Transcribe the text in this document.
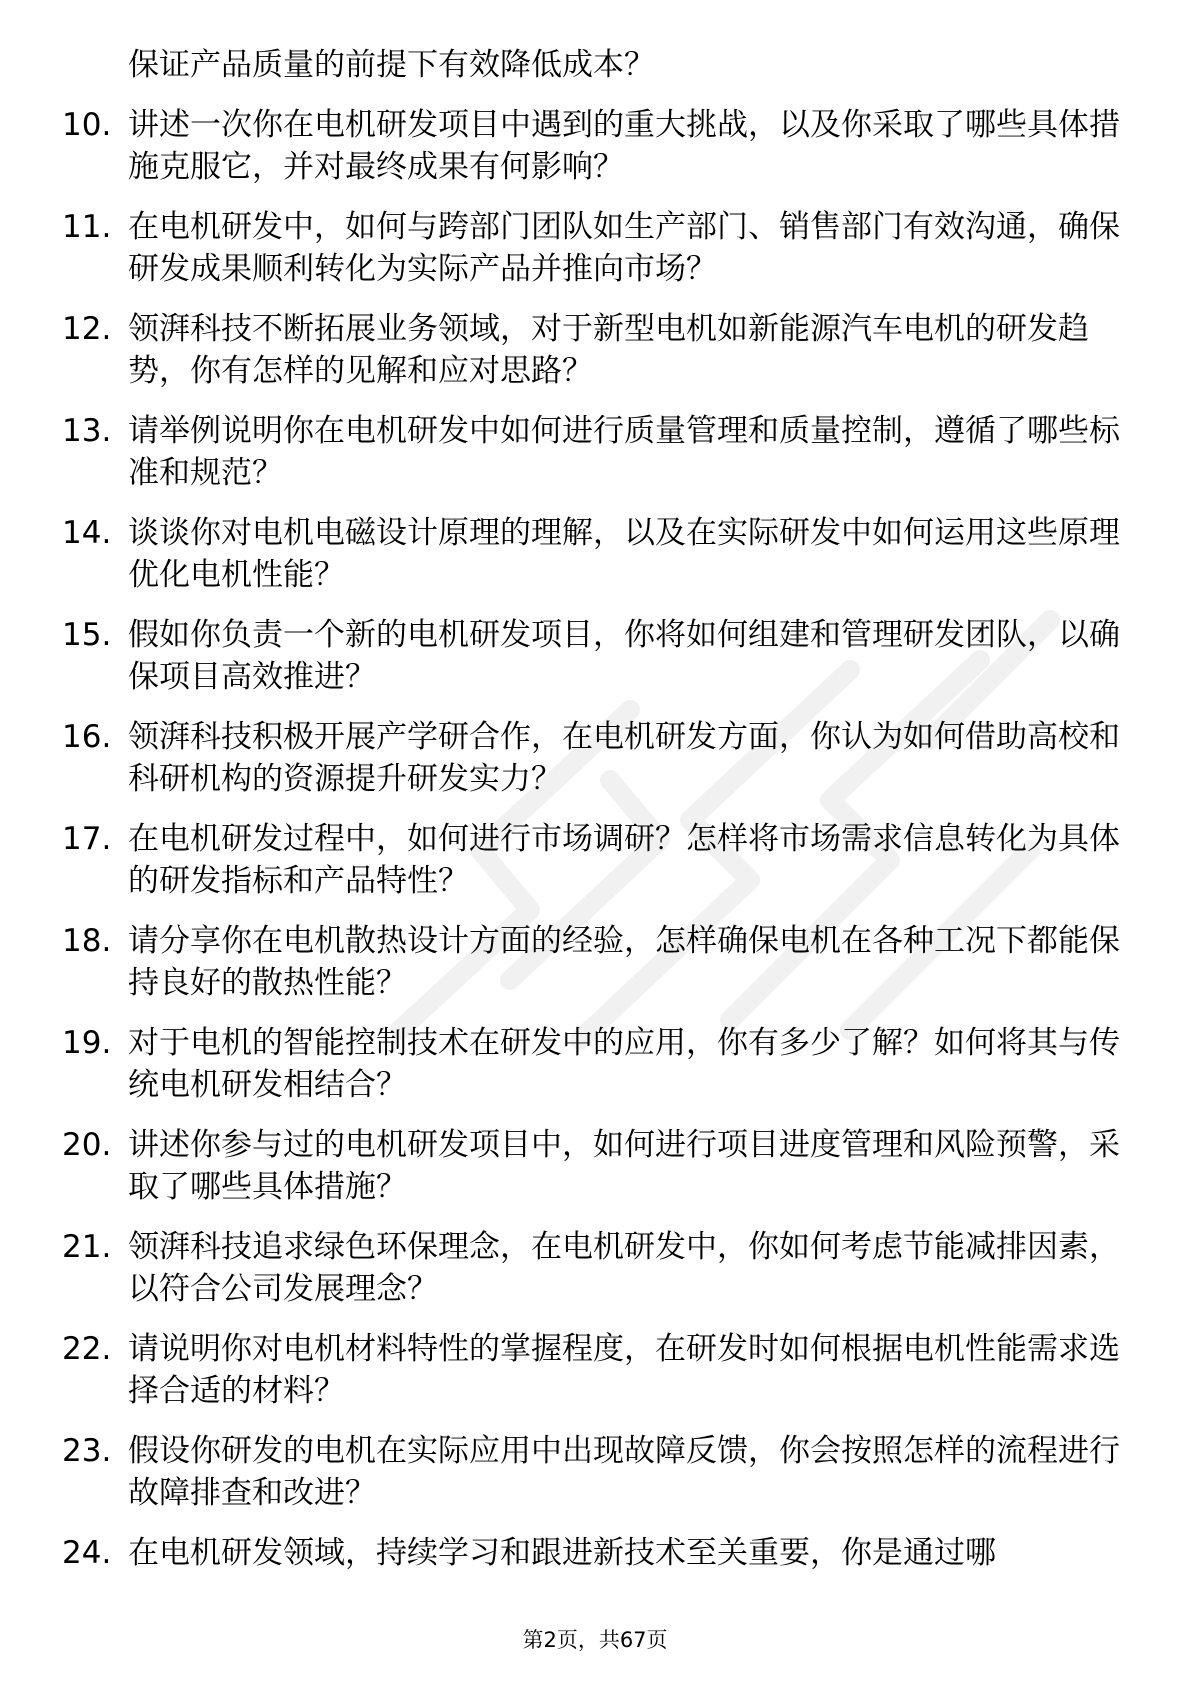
保证产品质量的前提下有效降低成本？
10. 讲述一次你在电机研发项目中遇到的重大挑战，以及你采取了哪些具体措施克服它，并对最终成果有何影响？
11. 在电机研发中，如何与跨部门团队如生产部门、销售部门有效沟通，确保研发成果顺利转化为实际产品并推向市场？
12. 领湃科技不断拓展业务领域，对于新型电机如新能源汽车电机的研发趋势，你有怎样的见解和应对思路？
13. 请举例说明你在电机研发中如何进行质量管理和质量控制，遵循了哪些标准和规范？
14. 谈谈你对电机电磁设计原理的理解，以及在实际研发中如何运用这些原理优化电机性能？
15. 假如你负责一个新的电机研发项目，你将如何组建和管理研发团队，以确保项目高效推进？
16. 领湃科技积极开展产学研合作，在电机研发方面，你认为如何借助高校和科研机构的资源提升研发实力？
17. 在电机研发过程中，如何进行市场调研？怎样将市场需求信息转化为具体的研发指标和产品特性？
18. 请分享你在电机散热设计方面的经验，怎样确保电机在各种工况下都能保持良好的散热性能？
19. 对于电机的智能控制技术在研发中的应用，你有多少了解？如何将其与传统电机研发相结合？
20. 讲述你参与过的电机研发项目中，如何进行项目进度管理和风险预警，采取了哪些具体措施？
21. 领湃科技追求绿色环保理念，在电机研发中，你如何考虑节能减排因素，以符合公司发展理念？
22. 请说明你对电机材料特性的掌握程度，在研发时如何根据电机性能需求选择合适的材料？
23. 假设你研发的电机在实际应用中出现故障反馈，你会按照怎样的流程进行故障排查和改进？
24. 在电机研发领域，持续学习和跟进新技术至关重要，你是通过哪
第2页，共67页
